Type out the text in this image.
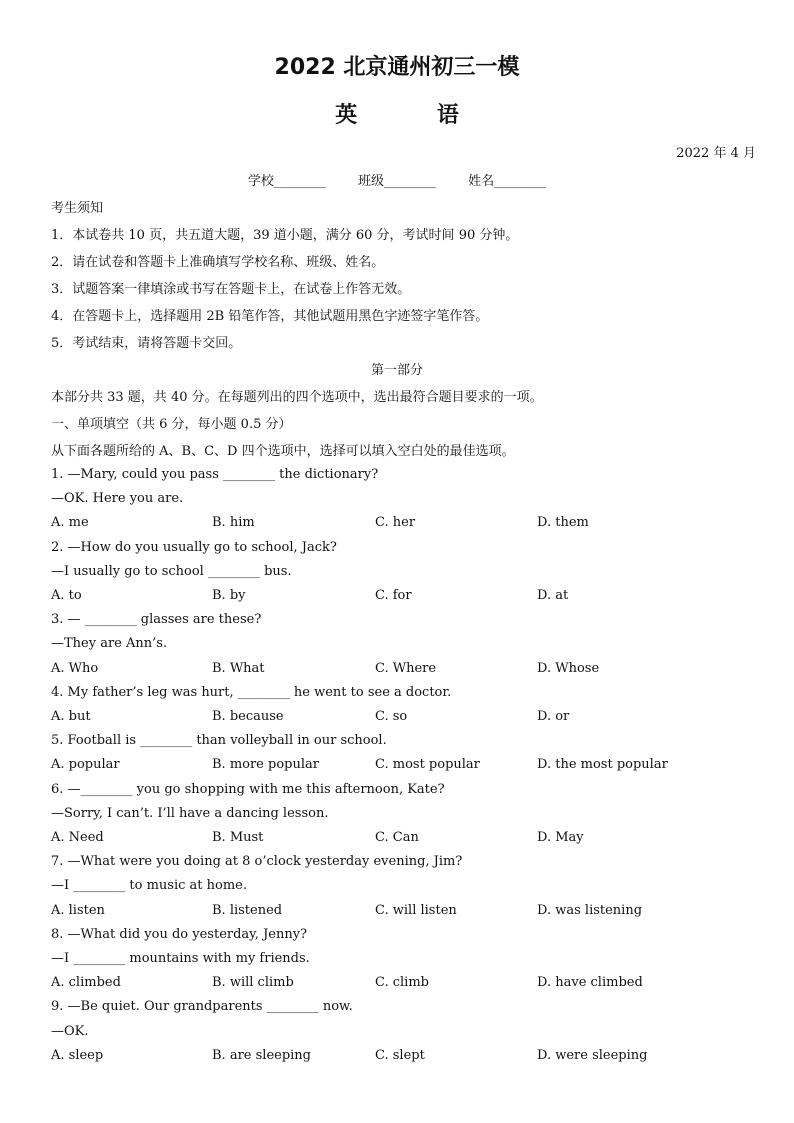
2022 北京通州初三一模
英 语
2022 年 4 月
学校________ 班级________ 姓名________
考生须知
1．本试卷共 10 页，共五道大题，39 道小题，满分 60 分，考试时间 90 分钟。
2．请在试卷和答题卡上准确填写学校名称、班级、姓名。
3．试题答案一律填涂或书写在答题卡上，在试卷上作答无效。
4．在答题卡上，选择题用 2B 铅笔作答，其他试题用黑色字迹签字笔作答。
5．考试结束，请将答题卡交回。
第一部分
本部分共 33 题，共 40 分。在每题列出的四个选项中，选出最符合题目要求的一项。
一、单项填空（共 6 分，每小题 0.5 分）
从下面各题所给的 A、B、C、D 四个选项中，选择可以填入空白处的最佳选项。
1. —Mary, could you pass ________ the dictionary?
—OK. Here you are.
A. me	B. him	C. her	D. them
2. —How do you usually go to school, Jack?
—I usually go to school ________ bus.
A. to	B. by	C. for	D. at
3. — ________ glasses are these?
—They are Ann’s.
A. Who	B. What	C. Where	D. Whose
4. My father’s leg was hurt, ________ he went to see a doctor.
A. but	B. because	C. so	D. or
5. Football is ________ than volleyball in our school.
A. popular	B. more popular	C. most popular	D. the most popular
6. —________ you go shopping with me this afternoon, Kate?
—Sorry, I can’t. I’ll have a dancing lesson.
A. Need	B. Must	C. Can	D. May
7. —What were you doing at 8 o’clock yesterday evening, Jim?
—I ________ to music at home.
A. listen	B. listened	C. will listen	D. was listening
8. —What did you do yesterday, Jenny?
—I ________ mountains with my friends.
A. climbed	B. will climb	C. climb	D. have climbed
9. —Be quiet. Our grandparents ________ now.
—OK.
A. sleep	B. are sleeping	C. slept	D. were sleeping
